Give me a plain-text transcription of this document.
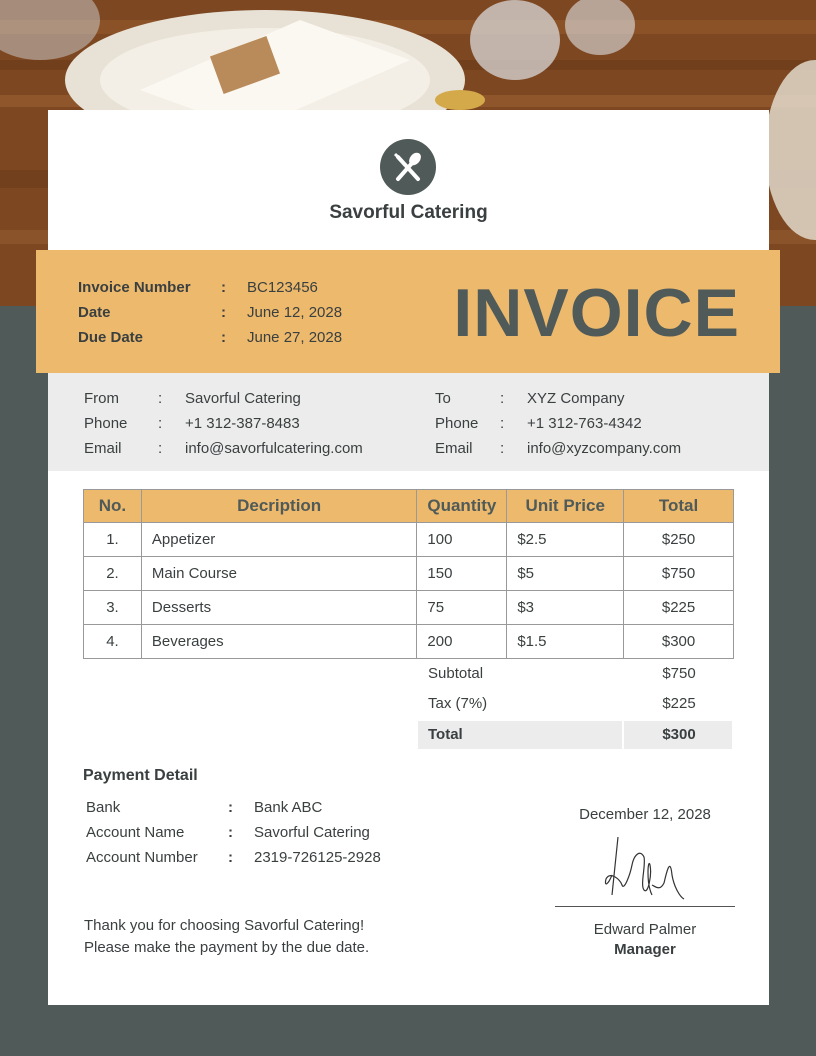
Savorful Catering
Invoice Number : BC123456
Date	: June 12, 2028
Due Date	: June 27, 2028 INVOICE
From	: Savorful Catering
Phone : +1 312-387-8483
Email : info@savorfulcatering.com
To	: XYZ Company
Phone : +1 312-763-4342
Email : info@xyzcompany.com
No.	Decription	Quantity	Unit Price	Total
1.	Appetizer	100	$2.5	$250
2.	Main Course	150	$5	$750
3.	Desserts	75	$3	$225
4.	Beverages	200	$1.5	$300
Subtotal	$750
Tax (7%)	$225
Total	$300
Payment Detail
Bank	: Bank ABC
Account Name	: Savorful Catering
Account Number : 2319-726125-2928
Thank you for choosing Savorful Catering!
Please make the payment by the due date.
December 12, 2028
Edward Palmer
Manager
